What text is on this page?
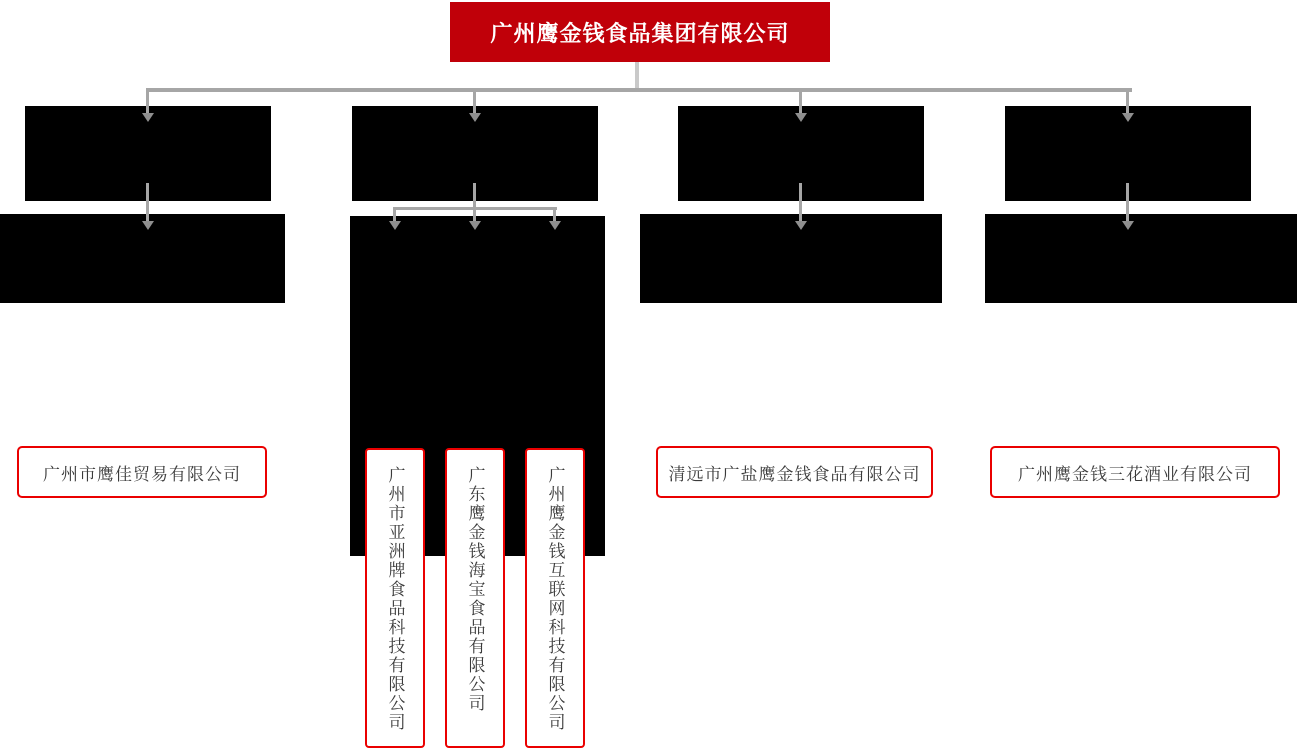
广州鹰金钱食品集团有限公司
广州市鹰佳贸易有限公司	广州市亚洲牌食品科技有限公司	广东鹰金钱海宝食品有限公司	广州鹰金钱互联网科技有限公司	清远市广盐鹰金钱食品有限公司	广州鹰金钱三花酒业有限公司
